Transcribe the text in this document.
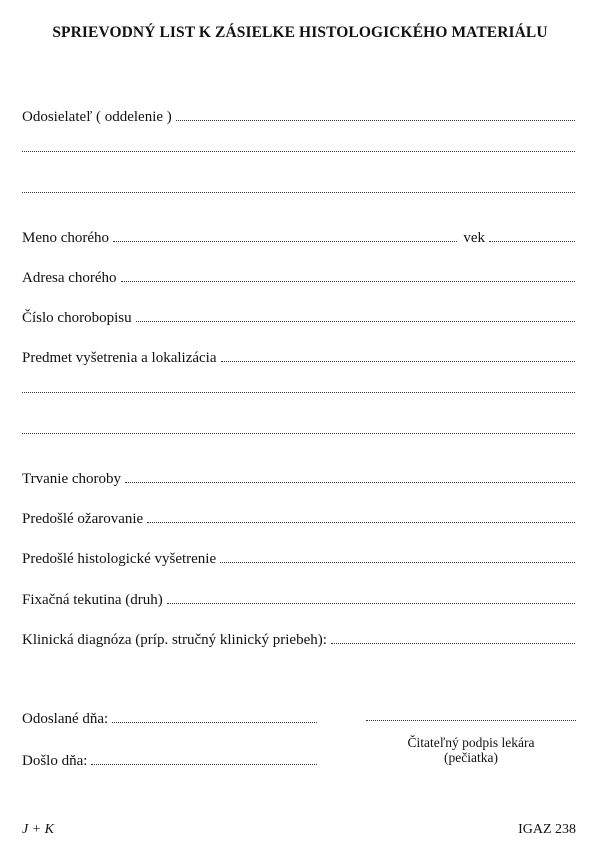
SPRIEVODNÝ LIST K ZÁSIELKE HISTOLOGICKÉHO MATERIÁLU
Odosielateľ ( oddelenie )
Meno chorého	vek
Adresa chorého
Číslo chorobopisu
Predmet vyšetrenia a lokalizácia
Trvanie choroby
Predošlé ožarovanie
Predošlé histologické vyšetrenie
Fixačná tekutina (druh)
Klinická diagnóza (príp. stručný klinický priebeh):
Odoslané dňa:
Došlo dňa:
Čitateľný podpis lekára
(pečiatka)
J + K	IGAZ 238
